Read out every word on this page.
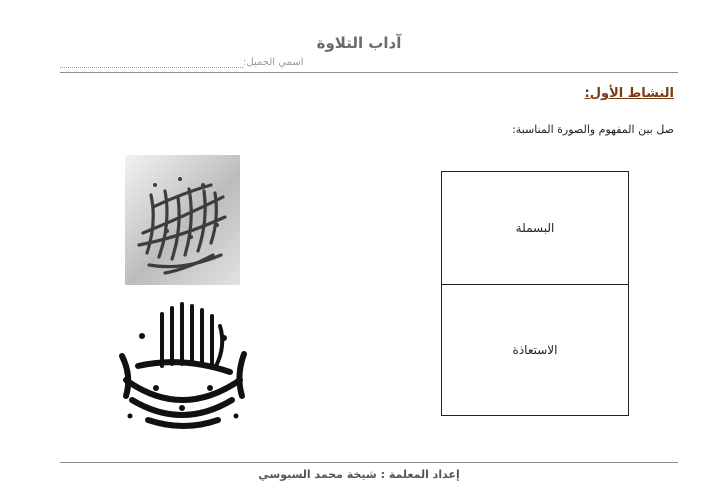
آداب التلاوة
اسمي الجميل:
النشاط الأول:
صل بين المفهوم والصورة المناسبة:
البسملة
الاستعاذة
إعداد المعلمة : شيخة محمد السبوسي
